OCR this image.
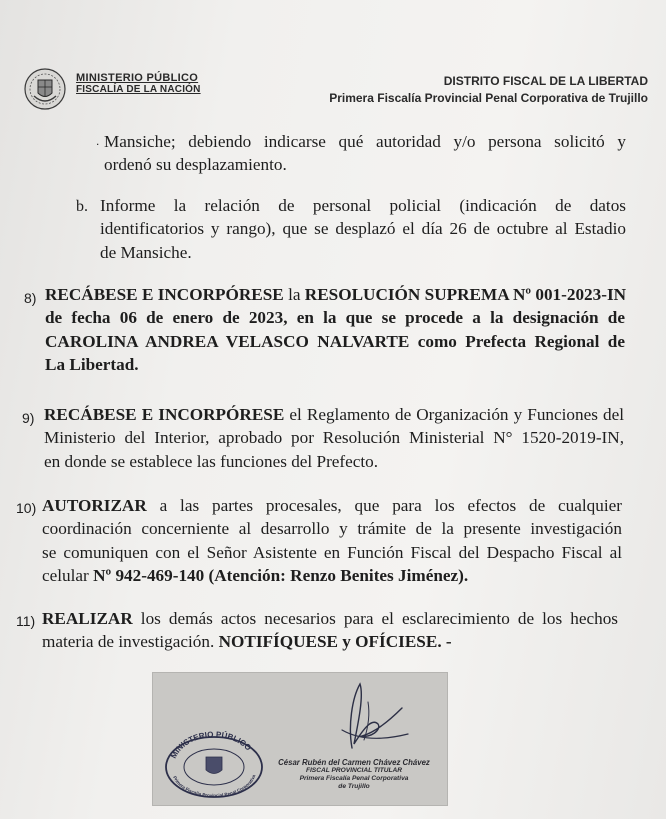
MINISTERIO PÚBLICO
FISCALÍA DE LA NACIÓN
DISTRITO FISCAL DE LA LIBERTAD
Primera Fiscalía Provincial Penal Corporativa de Trujillo
. Mansiche; debiendo indicarse qué autoridad y/o persona solicitó y
ordenó su desplazamiento.
b. Informe la relación de personal policial (indicación de datos
identificatorios y rango), que se desplazó el día 26 de octubre al Estadio
de Mansiche.
8) RECÁBESE E INCORPÓRESE la RESOLUCIÓN SUPREMA Nº 001-2023-IN
de fecha 06 de enero de 2023, en la que se procede a la designación de
CAROLINA ANDREA VELASCO NALVARTE como Prefecta Regional de
La Libertad.
9) RECÁBESE E INCORPÓRESE el Reglamento de Organización y Funciones del
Ministerio del Interior, aprobado por Resolución Ministerial N° 1520-2019-IN,
en donde se establece las funciones del Prefecto.
10) AUTORIZAR a las partes procesales, que para los efectos de cualquier
coordinación concerniente al desarrollo y trámite de la presente investigación
se comuniquen con el Señor Asistente en Función Fiscal del Despacho Fiscal al
celular Nº 942-469-140 (Atención: Renzo Benites Jiménez).
11) REALIZAR los demás actos necesarios para el esclarecimiento de los hechos
materia de investigación. NOTIFÍQUESE y OFÍCIESE. -
MINISTERIO PÚBLICO
Primera Fiscalía Provincial Penal Corporativa
César Rubén del Carmen Chávez Chávez
FISCAL PROVINCIAL TITULAR
Primera Fiscalía Penal Corporativa
de Trujillo
